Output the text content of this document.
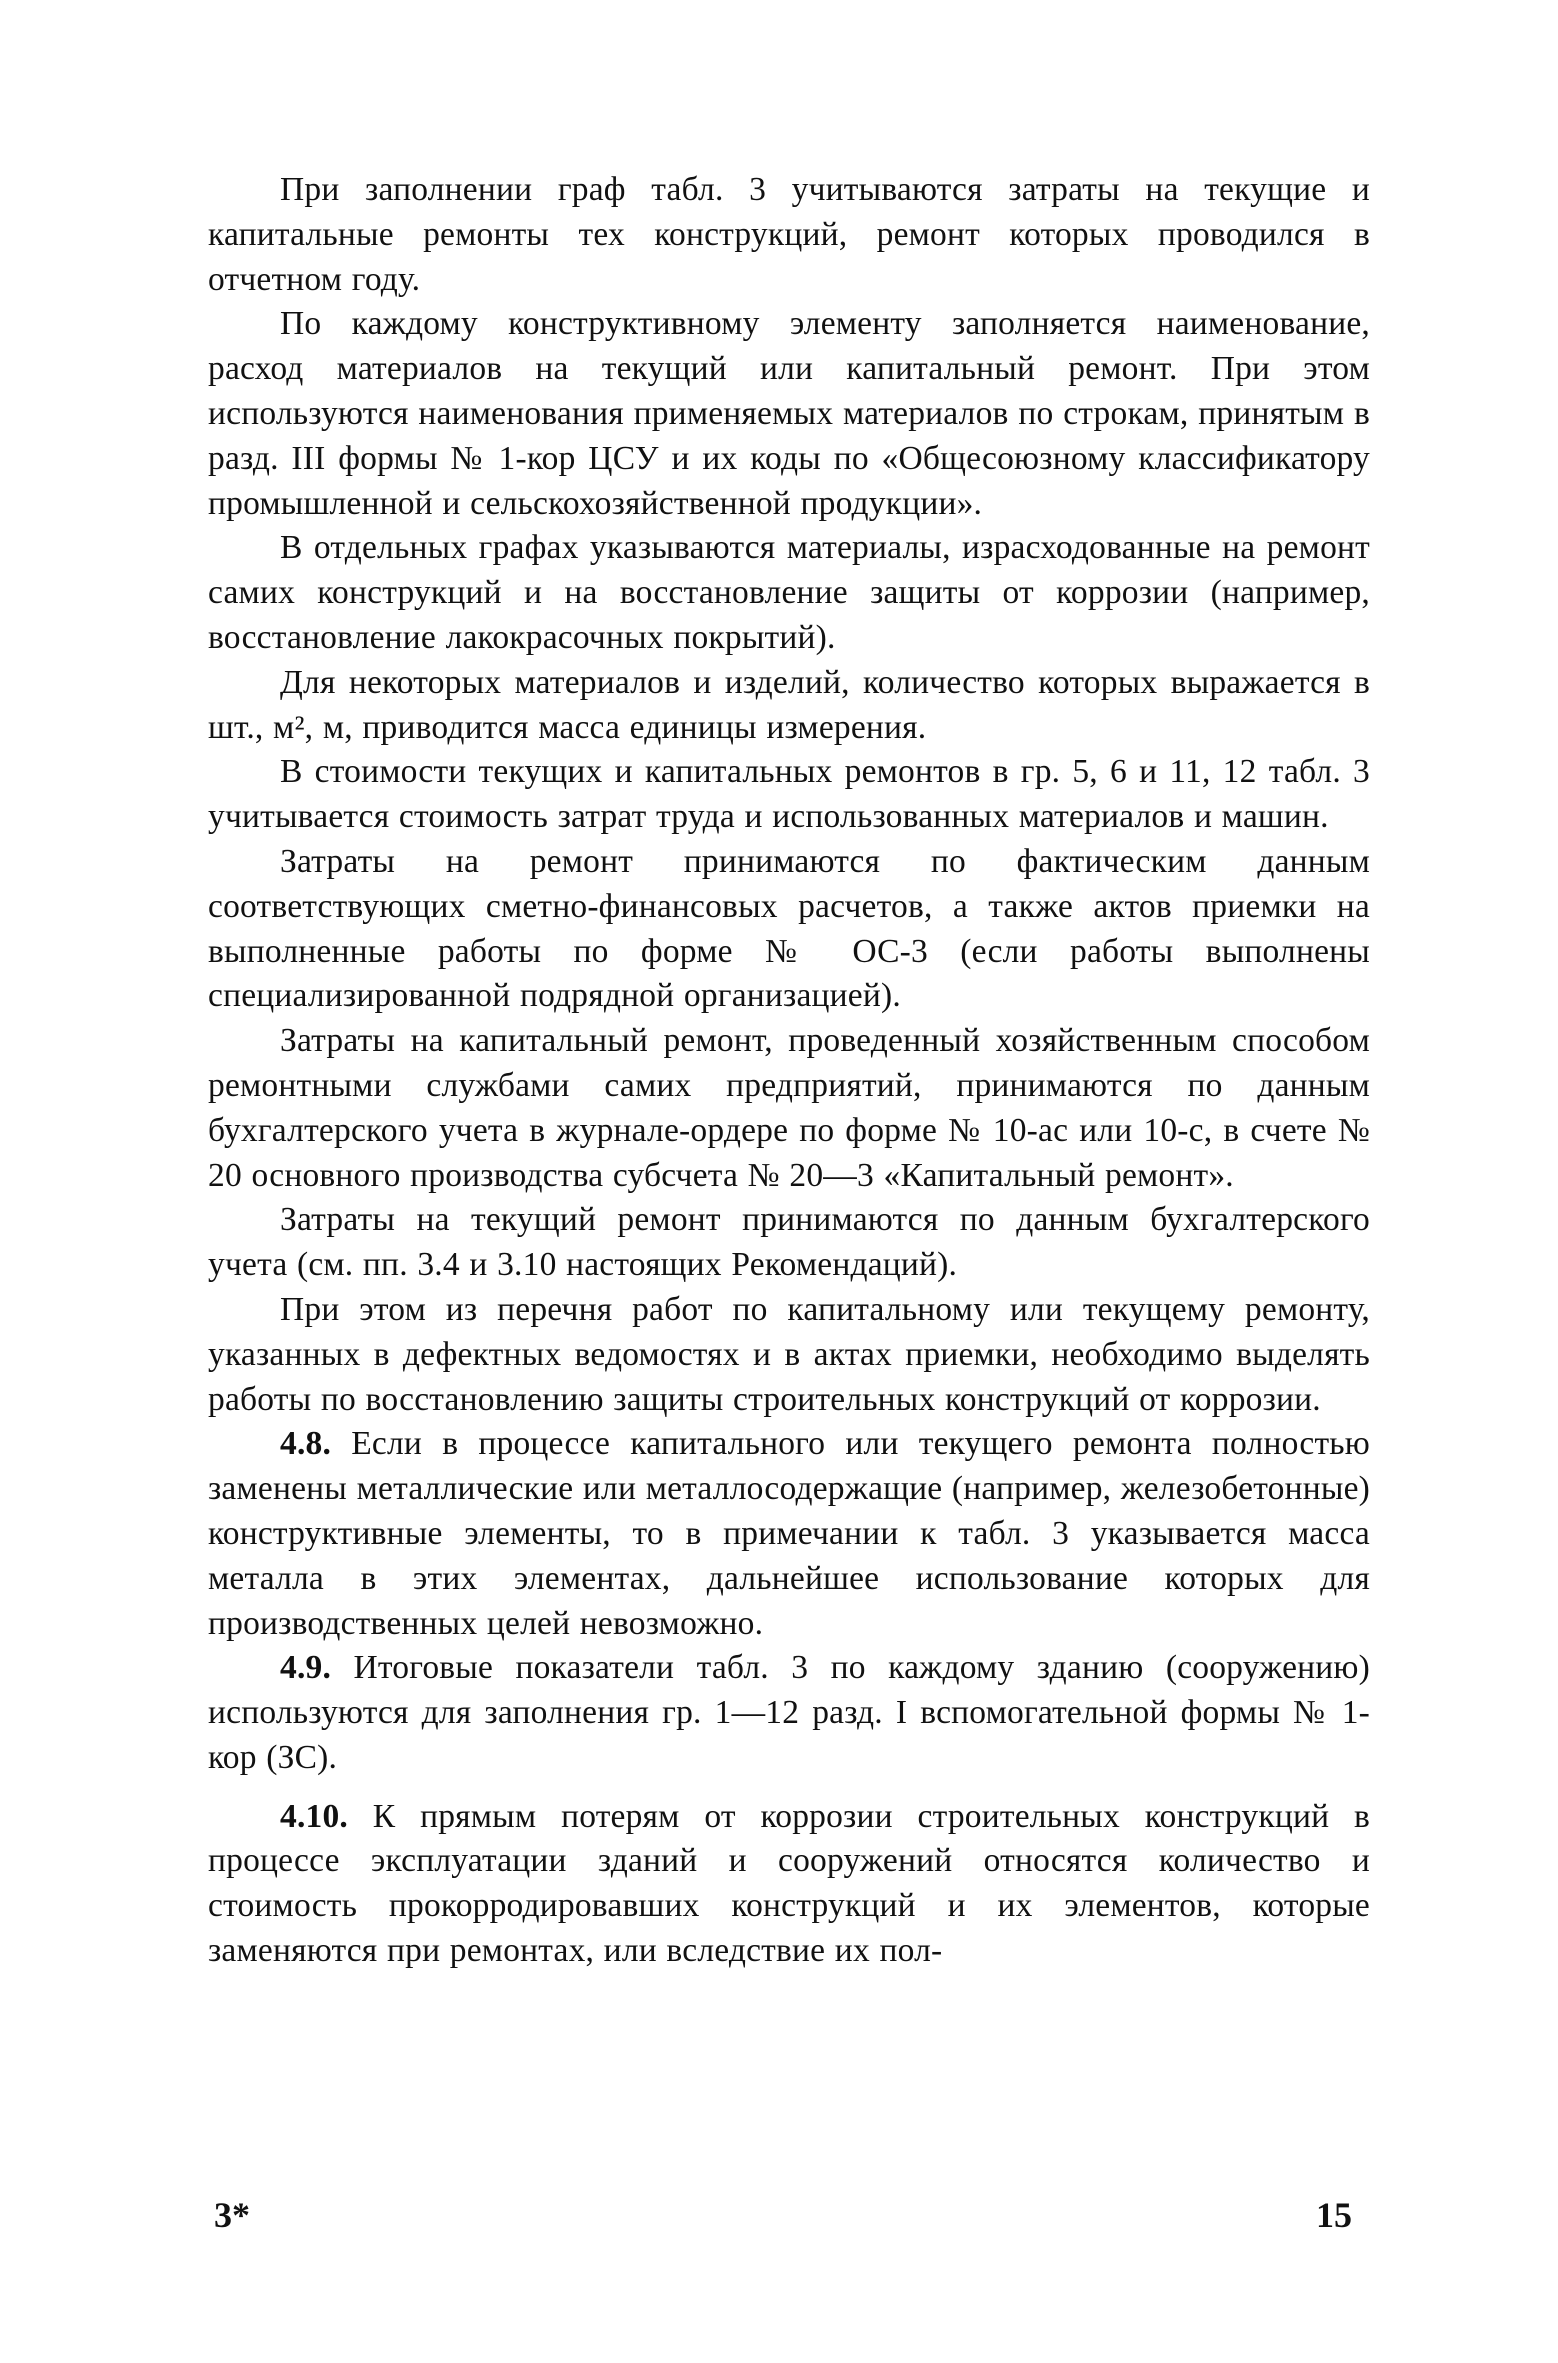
При заполнении граф табл. 3 учитываются затраты на текущие и капитальные ремонты тех конструкций, ремонт которых проводился в отчетном году.

По каждому конструктивному элементу заполняется наименование, расход материалов на текущий или капитальный ремонт. При этом используются наименования применяемых материалов по строкам, принятым в разд. III формы № 1-кор ЦСУ и их коды по «Общесоюзному классификатору промышленной и сельскохозяйственной продукции».

В отдельных графах указываются материалы, израсходованные на ремонт самих конструкций и на восстановление защиты от коррозии (например, восстановление лакокрасочных покрытий).

Для некоторых материалов и изделий, количество которых выражается в шт., м², м, приводится масса единицы измерения.

В стоимости текущих и капитальных ремонтов в гр. 5, 6 и 11, 12 табл. 3 учитывается стоимость затрат труда и использованных материалов и машин.

Затраты на ремонт принимаются по фактическим данным соответствующих сметно-финансовых расчетов, а также актов приемки на выполненные работы по форме № ОС-3 (если работы выполнены специализированной подрядной организацией).

Затраты на капитальный ремонт, проведенный хозяйственным способом ремонтными службами самих предприятий, принимаются по данным бухгалтерского учета в журнале-ордере по форме № 10-ас или 10-с, в счете № 20 основного производства субсчета № 20—3 «Капитальный ремонт».

Затраты на текущий ремонт принимаются по данным бухгалтерского учета (см. пп. 3.4 и 3.10 настоящих Рекомендаций).

При этом из перечня работ по капитальному или текущему ремонту, указанных в дефектных ведомостях и в актах приемки, необходимо выделять работы по восстановлению защиты строительных конструкций от коррозии.

4.8. Если в процессе капитального или текущего ремонта полностью заменены металлические или металлосодержащие (например, железобетонные) конструктивные элементы, то в примечании к табл. 3 указывается масса металла в этих элементах, дальнейшее использование которых для производственных целей невозможно.

4.9. Итоговые показатели табл. 3 по каждому зданию (сооружению) используются для заполнения гр. 1—12 разд. I вспомогательной формы № 1-кор (ЗС).

4.10. К прямым потерям от коррозии строительных конструкций в процессе эксплуатации зданий и сооружений относятся количество и стоимость прокорродировавших конструкций и их элементов, которые заменяются при ремонтах, или вследствие их пол-

3*	15
